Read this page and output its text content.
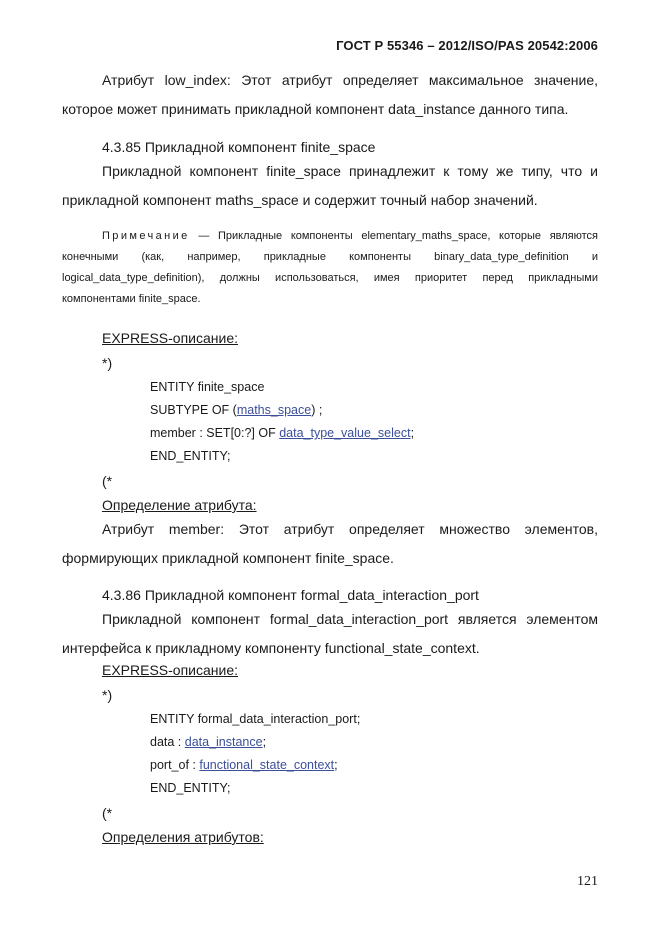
ГОСТ Р 55346 – 2012/ISO/PAS 20542:2006
Атрибут low_index: Этот атрибут определяет максимальное значение, которое может принимать прикладной компонент data_instance данного типа.
4.3.85 Прикладной компонент finite_space
Прикладной компонент finite_space принадлежит к тому же типу, что и прикладной компонент maths_space и содержит точный набор значений.
Примечание — Прикладные компоненты elementary_maths_space, которые являются конечными (как, например, прикладные компоненты binary_data_type_definition и logical_data_type_definition), должны использоваться, имея приоритет перед прикладными компонентами finite_space.
EXPRESS-описание:
*)
ENTITY finite_space
SUBTYPE OF (maths_space) ;
member : SET[0:?] OF data_type_value_select;
END_ENTITY;
(*
Определение атрибута:
Атрибут member: Этот атрибут определяет множество элементов, формирующих прикладной компонент finite_space.
4.3.86 Прикладной компонент formal_data_interaction_port
Прикладной компонент formal_data_interaction_port является элементом интерфейса к прикладному компоненту functional_state_context.
EXPRESS-описание:
*)
ENTITY formal_data_interaction_port;
data : data_instance;
port_of : functional_state_context;
END_ENTITY;
(*
Определения атрибутов:
121
